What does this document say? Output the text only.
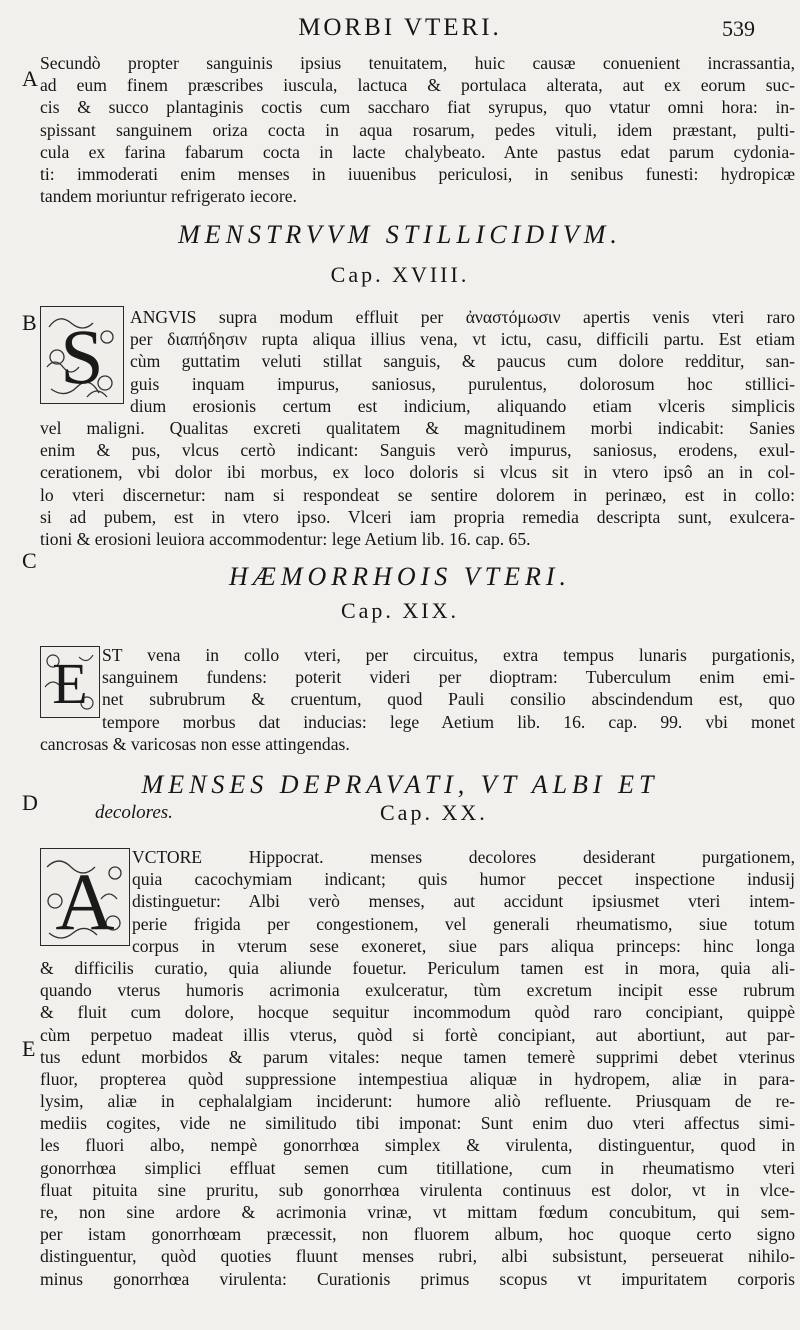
MORBI VTERI.	539
A
B
C
D
E
Secundò propter sanguinis ipsius tenuitatem, huic causæ conuenient incrassantia,
ad eum finem præscribes iuscula, lactuca & portulaca alterata, aut ex eorum suc-
cis & succo plantaginis coctis cum saccharo fiat syrupus, quo vtatur omni hora: in-
spissant sanguinem oriza cocta in aqua rosarum, pedes vituli, idem præstant, pulti-
cula ex farina fabarum cocta in lacte chalybeato. Ante pastus edat parum cydonia-
ti: immoderati enim menses in iuuenibus periculosi, in senibus funesti: hydropicæ
tandem moriuntur refrigerato iecore.
MENSTRVVM STILLICIDIVM.
Cap. XVIII.
S ANGVIS supra modum effluit per ἀναστόμωσιν apertis venis vteri raro
per διαπήδησιν rupta aliqua illius vena, vt ictu, casu, difficili partu. Est etiam
cùm guttatim veluti stillat sanguis, & paucus cum dolore redditur, san-
guis inquam impurus, saniosus, purulentus, dolorosum hoc stillici-
dium erosionis certum est indicium, aliquando etiam vlceris simplicis
vel maligni. Qualitas excreti qualitatem & magnitudinem morbi indicabit: Sanies
enim & pus, vlcus certò indicant: Sanguis verò impurus, saniosus, erodens, exul-
cerationem, vbi dolor ibi morbus, ex loco doloris si vlcus sit in vtero ipsô an in col-
lo vteri discernetur: nam si respondeat se sentire dolorem in perinæo, est in collo:
si ad pubem, est in vtero ipso. Vlceri iam propria remedia descripta sunt, exulcera-
tioni & erosioni leuiora accommodentur: lege Aetium lib. 16. cap. 65.
HÆMORRHOIS VTERI.
Cap. XIX.
E ST vena in collo vteri, per circuitus, extra tempus lunaris purgationis,
sanguinem fundens: poterit videri per dioptram: Tuberculum enim emi-
net subrubrum & cruentum, quod Pauli consilio abscindendum est, quo
tempore morbus dat inducias: lege Aetium lib. 16. cap. 99. vbi monet
cancrosas & varicosas non esse attingendas.
MENSES DEPRAVATI, VT ALBI ET
decolores.	Cap. XX.
A VCTORE Hippocrat. menses decolores desiderant purgationem,
quia cacochymiam indicant; quis humor peccet inspectione indusij
distinguetur: Albi verò menses, aut accidunt ipsiusmet vteri intem-
perie frigida per congestionem, vel generali rheumatismo, siue totum
corpus in vterum sese exoneret, siue pars aliqua princeps: hinc longa
& difficilis curatio, quia aliunde fouetur. Periculum tamen est in mora, quia ali-
quando vterus humoris acrimonia exulceratur, tùm excretum incipit esse rubrum
& fluit cum dolore, hocque sequitur incommodum quòd raro concipiant, quippè
cùm perpetuo madeat illis vterus, quòd si fortè concipiant, aut abortiunt, aut par-
tus edunt morbidos & parum vitales: neque tamen temerè supprimi debet vterinus
fluor, propterea quòd suppressione intempestiua aliquæ in hydropem, aliæ in para-
lysim, aliæ in cephalalgiam inciderunt: humore aliò refluente. Priusquam de re-
mediis cogites, vide ne similitudo tibi imponat: Sunt enim duo vteri affectus simi-
les fluori albo, nempè gonorrhœa simplex & virulenta, distinguentur, quod in
gonorrhœa simplici effluat semen cum titillatione, cum in rheumatismo vteri
fluat pituita sine pruritu, sub gonorrhœa virulenta continuus est dolor, vt in vlce-
re, non sine ardore & acrimonia vrinæ, vt mittam fœdum concubitum, qui sem-
per istam gonorrhœam præcessit, non fluorem album, hoc quoque certo signo
distinguentur, quòd quoties fluunt menses rubri, albi subsistunt, perseuerat nihilo-
minus gonorrhœa virulenta: Curationis primus scopus vt impuritatem corporis
